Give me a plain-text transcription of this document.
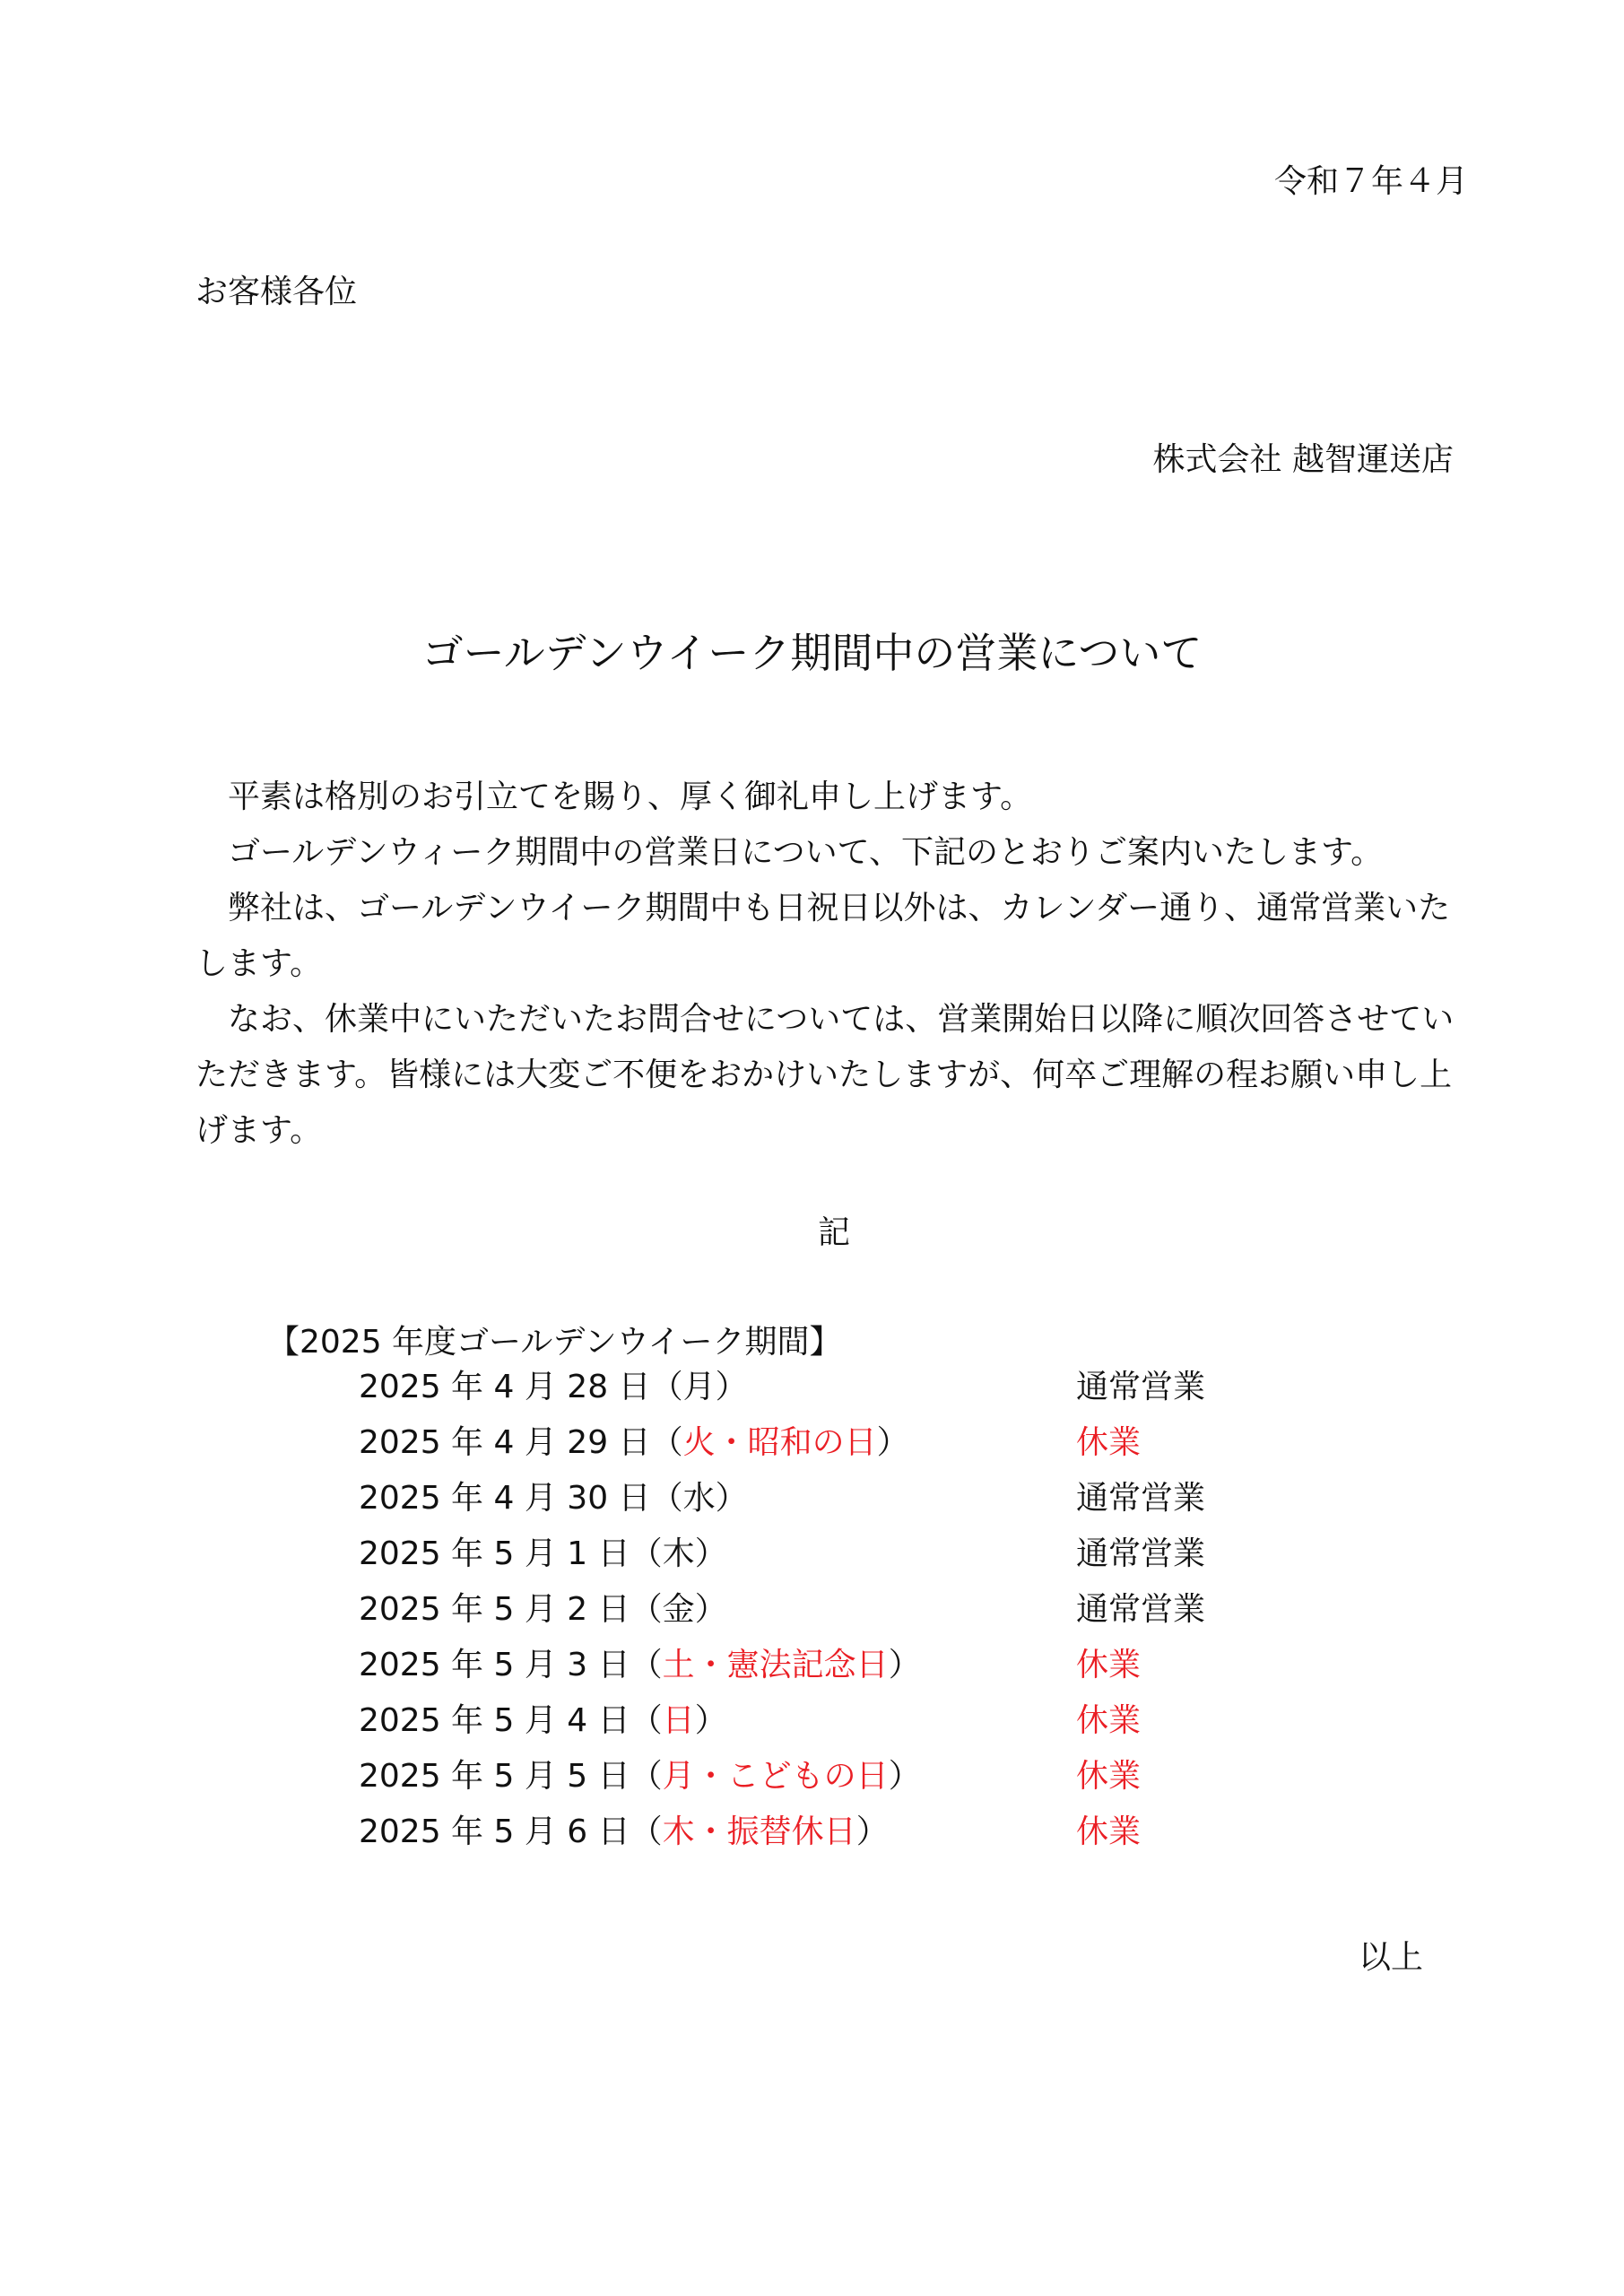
令和７年４月
お客様各位
株式会社 越智運送店
ゴールデンウイーク期間中の営業について

平素は格別のお引立てを賜り、厚く御礼申し上げます。

ゴールデンウィーク期間中の営業日について、下記のとおりご案内いたします。

弊社は、ゴールデンウイーク期間中も日祝日以外は、カレンダー通り、通常営業いたします。

なお、休業中にいただいたお問合せについては、営業開始日以降に順次回答させていただきます。皆様には大変ご不便をおかけいたしますが、何卒ご理解の程お願い申し上げます。

記
【2025 年度ゴールデンウイーク期間】
2025 年 4 月 28 日（月）	通常営業
2025 年 4 月 29 日（火・昭和の日）	休業
2025 年 4 月 30 日（水）	通常営業
2025 年 5 月 1 日（木）	通常営業
2025 年 5 月 2 日（金）	通常営業
2025 年 5 月 3 日（土・憲法記念日）	休業
2025 年 5 月 4 日（日）	休業
2025 年 5 月 5 日（月・こどもの日）	休業
2025 年 5 月 6 日（木・振替休日）	休業
以上
